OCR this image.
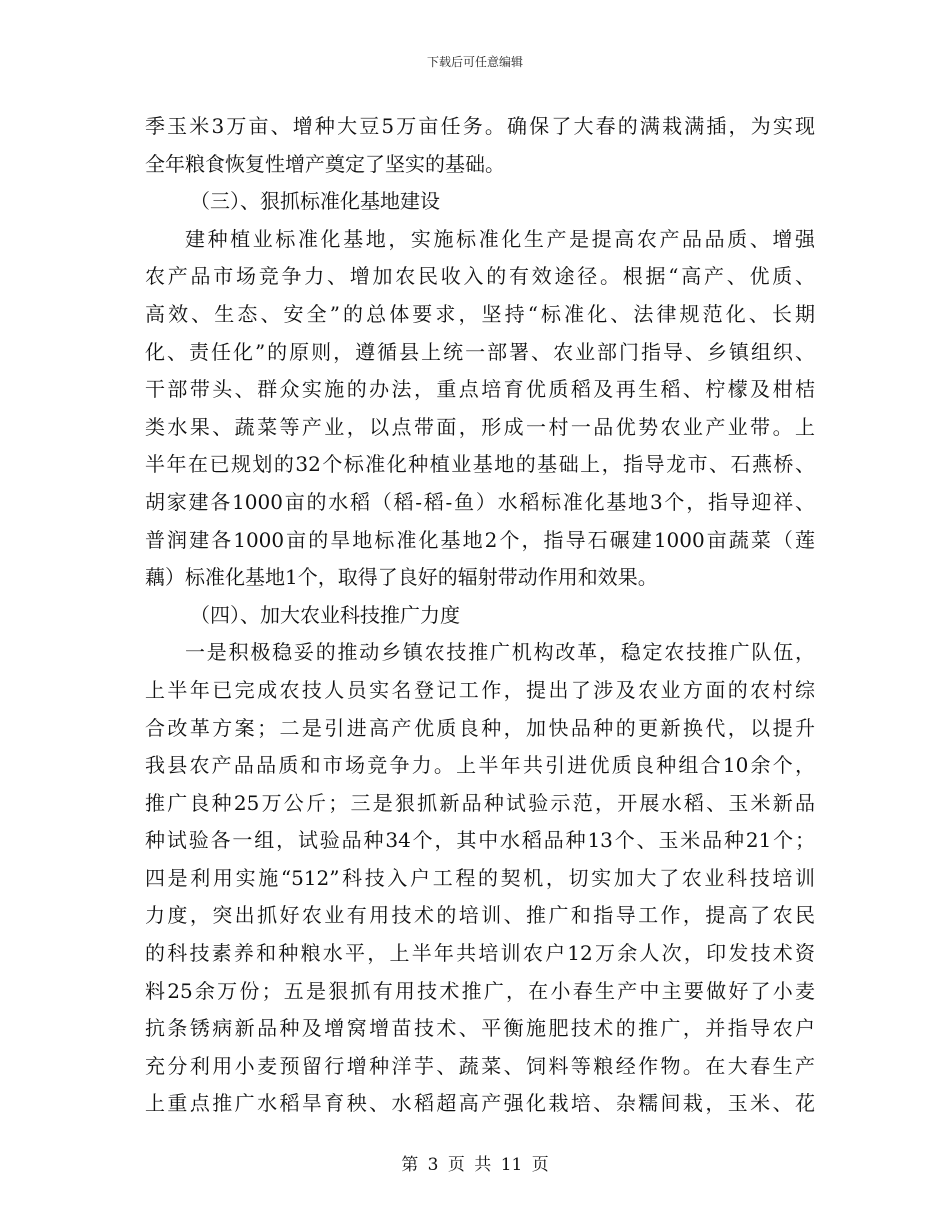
下载后可任意编辑
季玉米3万亩、增种大豆5万亩任务。确保了大春的满栽满插，为实现
全年粮食恢复性增产奠定了坚实的基础。
（三）、狠抓标准化基地建设
建种植业标准化基地，实施标准化生产是提高农产品品质、增强
农产品市场竞争力、增加农民收入的有效途径。根据“高产、优质、
高效、生态、安全”的总体要求，坚持“标准化、法律规范化、长期
化、责任化”的原则，遵循县上统一部署、农业部门指导、乡镇组织、
干部带头、群众实施的办法，重点培育优质稻及再生稻、柠檬及柑桔
类水果、蔬菜等产业，以点带面，形成一村一品优势农业产业带。上
半年在已规划的32个标准化种植业基地的基础上，指导龙市、石燕桥、
胡家建各1000亩的水稻（稻-稻-鱼）水稻标准化基地3个，指导迎祥、
普润建各1000亩的旱地标准化基地2个，指导石碾建1000亩蔬菜（莲
藕）标准化基地1个，取得了良好的辐射带动作用和效果。
（四）、加大农业科技推广力度
一是积极稳妥的推动乡镇农技推广机构改革，稳定农技推广队伍，
上半年已完成农技人员实名登记工作，提出了涉及农业方面的农村综
合改革方案；二是引进高产优质良种，加快品种的更新换代，以提升
我县农产品品质和市场竞争力。上半年共引进优质良种组合10余个，
推广良种25万公斤；三是狠抓新品种试验示范，开展水稻、玉米新品
种试验各一组，试验品种34个，其中水稻品种13个、玉米品种21个；
四是利用实施“512”科技入户工程的契机，切实加大了农业科技培训
力度，突出抓好农业有用技术的培训、推广和指导工作，提高了农民
的科技素养和种粮水平，上半年共培训农户12万余人次，印发技术资
料25余万份；五是狠抓有用技术推广，在小春生产中主要做好了小麦
抗条锈病新品种及增窝增苗技术、平衡施肥技术的推广，并指导农户
充分利用小麦预留行增种洋芋、蔬菜、饲料等粮经作物。在大春生产
上重点推广水稻旱育秧、水稻超高产强化栽培、杂糯间栽，玉米、花
第 3 页 共 11 页
